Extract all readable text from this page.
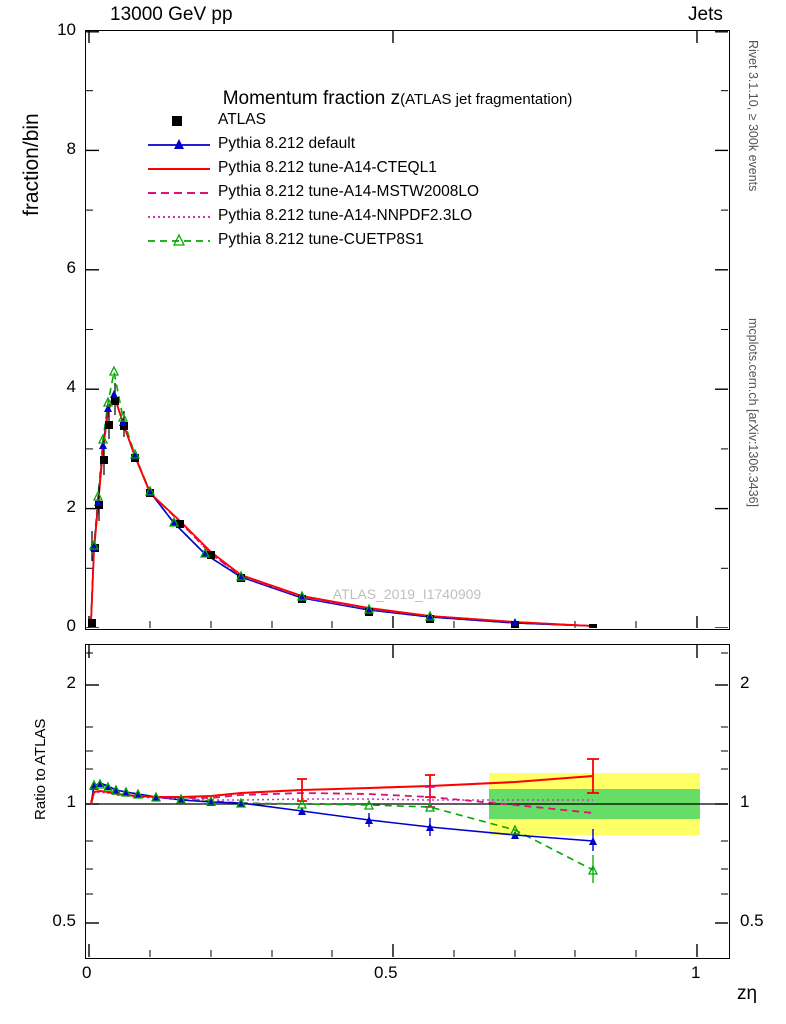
13000 GeV pp	Jets
Rivet 3.1.10, ≥ 300k events
mcplots.cern.ch [arXiv:1306.3436]
fraction/bin
ATLAS_2019_I1740909

Momentum fraction z(ATLAS jet fragmentation)

ATLAS
Pythia 8.212 default
Pythia 8.212 tune-A14-CTEQL1
Pythia 8.212 tune-A14-MSTW2008LO
Pythia 8.212 tune-A14-NNPDF2.3LO
Pythia 8.212 tune-CUETP8S1
0
2
4
6
8
10
Ratio to ATLAS
2
1
0.5
2
1
0.5
0	0.5	1
zη
